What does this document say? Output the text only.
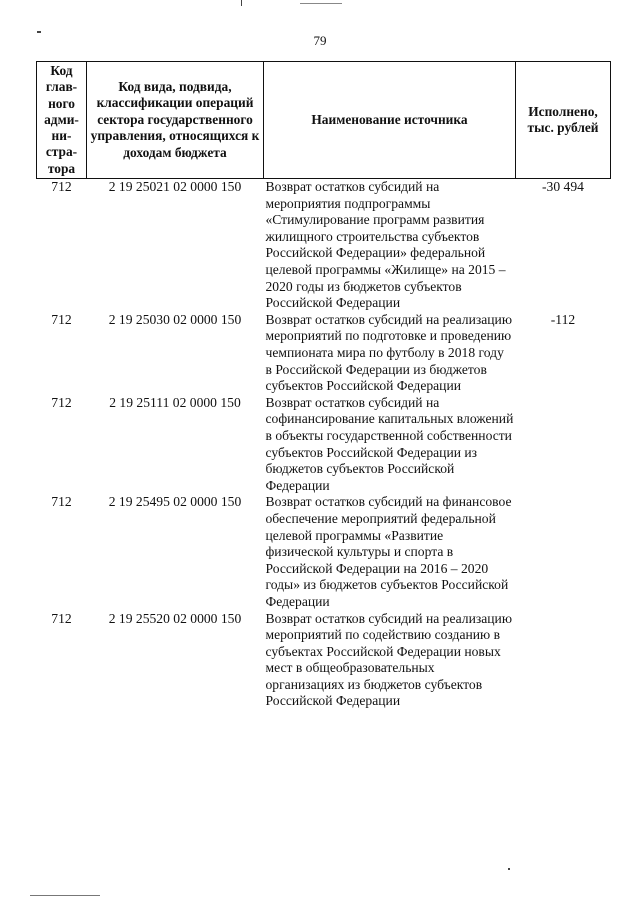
79
Код глав-ного адми-ни-стра-тора	Код вида, подвида, классификации операций сектора государственного управления, относящихся к доходам бюджета	Наименование источника	Исполнено, тыс. рублей
712	2 19 25021 02 0000 150	Возврат остатков субсидий на мероприятия подпрограммы «Стимулирование программ развития жилищного строительства субъектов Российской Федерации» федеральной целевой программы «Жилище» на 2015 – 2020 годы из бюджетов субъектов Российской Федерации	-30 494
712	2 19 25030 02 0000 150	Возврат остатков субсидий на реализацию мероприятий по подготовке и проведению чемпионата мира по футболу в 2018 году в Российской Федерации из бюджетов субъектов Российской Федерации	-112
712	2 19 25111 02 0000 150	Возврат остатков субсидий на софинансирование капитальных вложений в объекты государственной собственности субъектов Российской Федерации из бюджетов субъектов Российской Федерации	
712	2 19 25495 02 0000 150	Возврат остатков субсидий на финансовое обеспечение мероприятий федеральной целевой программы «Развитие физической культуры и спорта в Российской Федерации на 2016 – 2020 годы» из бюджетов субъектов Российской Федерации	
712	2 19 25520 02 0000 150	Возврат остатков субсидий на реализацию мероприятий по содействию созданию в субъектах Российской Федерации новых мест в общеобразовательных организациях из бюджетов субъектов Российской Федерации	
